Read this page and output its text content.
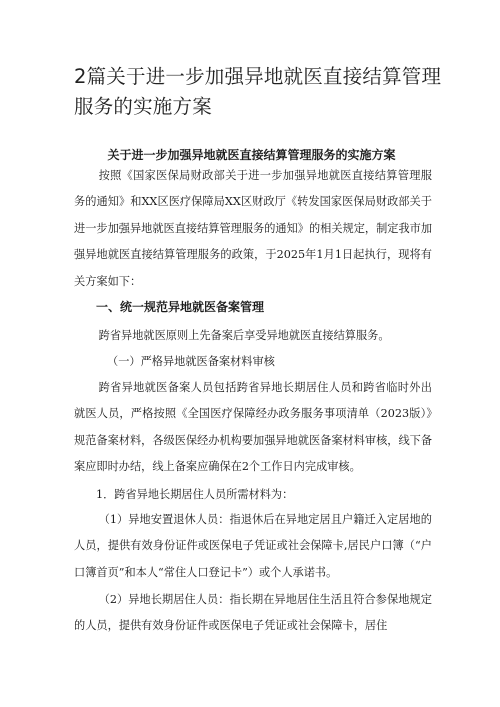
2篇关于进一步加强异地就医直接结算管理服务的实施方案
关于进一步加强异地就医直接结算管理服务的实施方案

按照《国家医保局财政部关于进一步加强异地就医直接结算管理服务的通知》和XX区医疗保障局XX区财政厅《转发国家医保局财政部关于进一步加强异地就医直接结算管理服务的通知》的相关规定，制定我市加强异地就医直接结算管理服务的政策，于2025年1月1日起执行，现将有关方案如下：

一、统一规范异地就医备案管理

跨省异地就医原则上先备案后享受异地就医直接结算服务。

（一）严格异地就医备案材料审核

跨省异地就医备案人员包括跨省异地长期居住人员和跨省临时外出就医人员，严格按照《全国医疗保障经办政务服务事项清单（2023版）》规范备案材料，各级医保经办机构要加强异地就医备案材料审核，线下备案应即时办结，线上备案应确保在2个工作日内完成审核。

1．跨省异地长期居住人员所需材料为：

（1）异地安置退休人员：指退休后在异地定居且户籍迁入定居地的人员，提供有效身份证件或医保电子凭证或社会保障卡,居民户口簿（“户口簿首页”和本人“常住人口登记卡”）或个人承诺书。

（2）异地长期居住人员：指长期在异地居住生活且符合参保地规定的人员，提供有效身份证件或医保电子凭证或社会保障卡，居住
